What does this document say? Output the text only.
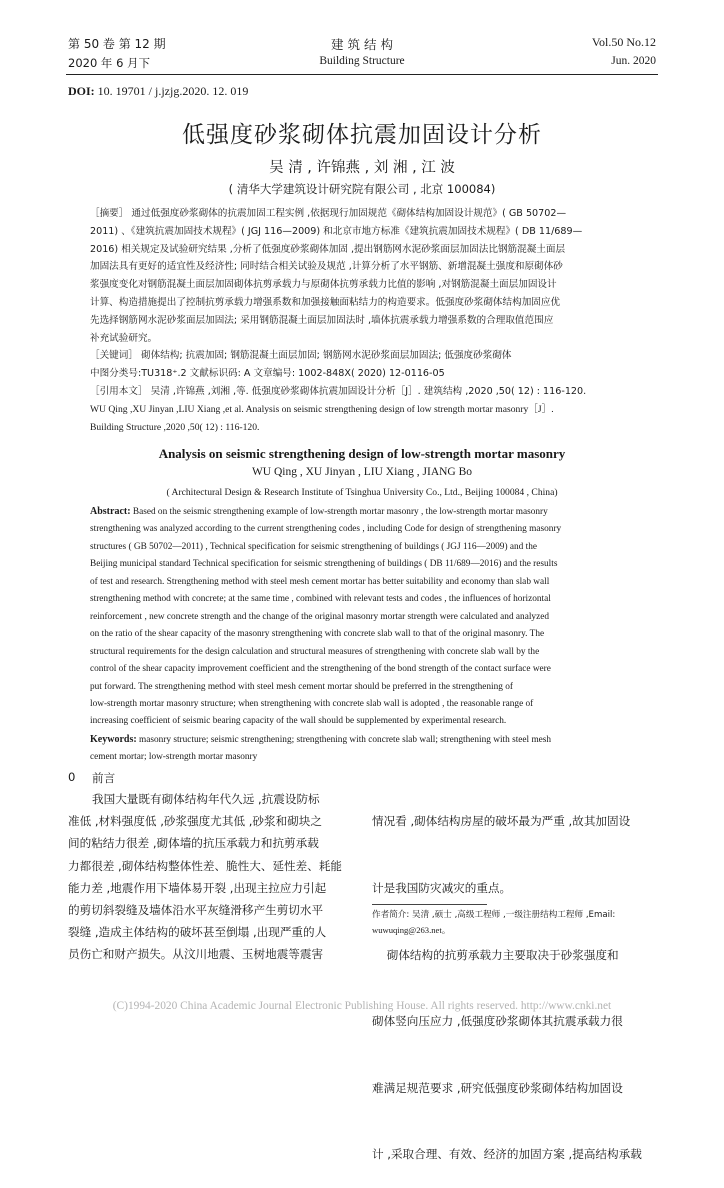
第 50 卷 第 12 期
2020 年 6 月下
建 筑 结 构
Building Structure
Vol.50 No.12
Jun. 2020
DOI: 10. 19701 / j.jzjg.2020. 12. 019
低强度砂浆砌体抗震加固设计分析
吴 清 , 许锦燕 , 刘 湘 , 江 波
( 清华大学建筑设计研究院有限公司 , 北京 100084)
［摘要］ 通过低强度砂浆砌体的抗震加固工程实例 ,依据现行加固规范《砌体结构加固设计规范》( GB 50702—
2011) 、《建筑抗震加固技术规程》( JGJ 116—2009) 和北京市地方标准《建筑抗震加固技术规程》( DB 11/689—
2016) 相关规定及试验研究结果 ,分析了低强度砂浆砌体加固 ,提出钢筋网水泥砂浆面层加固法比钢筋混凝土面层
加固法具有更好的适宜性及经济性; 同时结合相关试验及规范 ,计算分析了水平钢筋、新增混凝土强度和原砌体砂
浆强度变化对钢筋混凝土面层加固砌体抗剪承载力与原砌体抗剪承载力比值的影响 ,对钢筋混凝土面层加固设计
计算、构造措施提出了控制抗剪承载力增强系数和加强接触面粘结力的构造要求。低强度砂浆砌体结构加固应优
先选择钢筋网水泥砂浆面层加固法; 采用钢筋混凝土面层加固法时 ,墙体抗震承载力增强系数的合理取值范围应
补充试验研究。
［关键词］ 砌体结构; 抗震加固; 钢筋混凝土面层加固; 钢筋网水泥砂浆面层加固法; 低强度砂浆砌体
中图分类号:TU318⁺.2 文献标识码: A 文章编号: 1002-848X( 2020) 12-0116-05
［引用本文］ 吴清 ,许锦燕 ,刘湘 ,等. 低强度砂浆砌体抗震加固设计分析［J］. 建筑结构 ,2020 ,50( 12) : 116-120.
WU Qing ,XU Jinyan ,LIU Xiang ,et al. Analysis on seismic strengthening design of low strength mortar masonry［J］.
Building Structure ,2020 ,50( 12) : 116-120.
Analysis on seismic strengthening design of low-strength mortar masonry
WU Qing , XU Jinyan , LIU Xiang , JIANG Bo
( Architectural Design & Research Institute of Tsinghua University Co., Ltd., Beijing 100084 , China)
Abstract: Based on the seismic strengthening example of low-strength mortar masonry , the low-strength mortar masonry
strengthening was analyzed according to the current strengthening codes , including Code for design of strengthening masonry
structures ( GB 50702—2011) , Technical specification for seismic strengthening of buildings ( JGJ 116—2009) and the
Beijing municipal standard Technical specification for seismic strengthening of buildings ( DB 11/689—2016) and the results
of test and research. Strengthening method with steel mesh cement mortar has better suitability and economy than slab wall
strengthening method with concrete; at the same time , combined with relevant tests and codes , the influences of horizontal
reinforcement , new concrete strength and the change of the original masonry mortar strength were calculated and analyzed
on the ratio of the shear capacity of the masonry strengthening with concrete slab wall to that of the original masonry. The
structural requirements for the design calculation and structural measures of strengthening with concrete slab wall by the
control of the shear capacity improvement coefficient and the strengthening of the bond strength of the contact surface were
put forward. The strengthening method with steel mesh cement mortar should be preferred in the strengthening of
low-strength mortar masonry structure; when strengthening with concrete slab wall is adopted , the reasonable range of
increasing coefficient of seismic bearing capacity of the wall should be supplemented by experimental research.
Keywords: masonry structure; seismic strengthening; strengthening with concrete slab wall; strengthening with steel mesh
cement mortar; low-strength mortar masonry
0 前言
我国大量既有砌体结构年代久远 ,抗震设防标
准低 ,材料强度低 ,砂浆强度尤其低 ,砂浆和砌块之
间的粘结力很差 ,砌体墙的抗压承载力和抗剪承载
力都很差 ,砌体结构整体性差、脆性大、延性差、耗能
能力差 ,地震作用下墙体易开裂 ,出现主拉应力引起
的剪切斜裂缝及墙体沿水平灰缝滑移产生剪切水平
裂缝 ,造成主体结构的破坏甚至倒塌 ,出现严重的人
员伤亡和财产损失。从汶川地震、玉树地震等震害

情况看 ,砌体结构房屋的破坏最为严重 ,故其加固设

计是我国防灾减灾的重点。

砌体结构的抗剪承载力主要取决于砂浆强度和

砌体竖向压应力 ,低强度砂浆砌体其抗震承载力很

难满足规范要求 ,研究低强度砂浆砌体结构加固设

计 ,采取合理、有效、经济的加固方案 ,提高结构承载

作者简介: 吴清 ,硕士 ,高级工程师 ,一级注册结构工程师 ,Email:
wuwuqing@263.net。
(C)1994-2020 China Academic Journal Electronic Publishing House. All rights reserved. http://www.cnki.net
